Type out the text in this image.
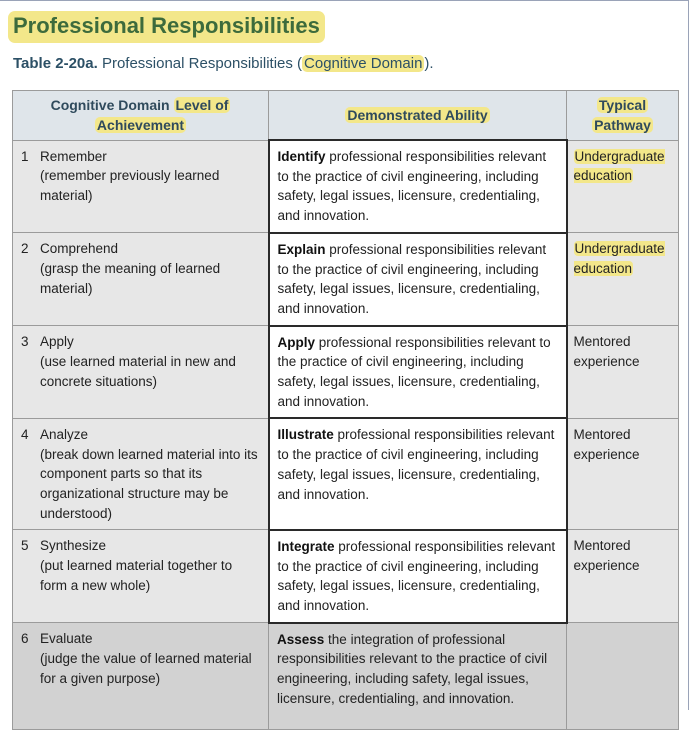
Professional Responsibilities
Table 2-20a. Professional Responsibilities ( Cognitive Domain ).
Cognitive Domain Level of
Achievement	Demonstrated Ability	Typical
Pathway

1 Remember
(remember previously learned material)	Identify professional responsibilities relevant to the practice of civil engineering, including safety, legal issues, licensure, credentialing, and innovation.	Undergraduate education

2 Comprehend
(grasp the meaning of learned material)	Explain professional responsibilities relevant to the practice of civil engineering, including safety, legal issues, licensure, credentialing, and innovation.	Undergraduate education

3 Apply
(use learned material in new and concrete situations)	Apply professional responsibilities relevant to the practice of civil engineering, including safety, legal issues, licensure, credentialing, and innovation.	Mentored experience

4 Analyze
(break down learned material into its component parts so that its organizational structure may be understood)	Illustrate professional responsibilities relevant to the practice of civil engineering, including safety, legal issues, licensure, credentialing, and innovation.	Mentored experience

5 Synthesize
(put learned material together to form a new whole)	Integrate professional responsibilities relevant to the practice of civil engineering, including safety, legal issues, licensure, credentialing, and innovation.	Mentored experience

6 Evaluate
(judge the value of learned material for a given purpose)	Assess the integration of professional responsibilities relevant to the practice of civil engineering, including safety, legal issues, licensure, credentialing, and innovation.	
